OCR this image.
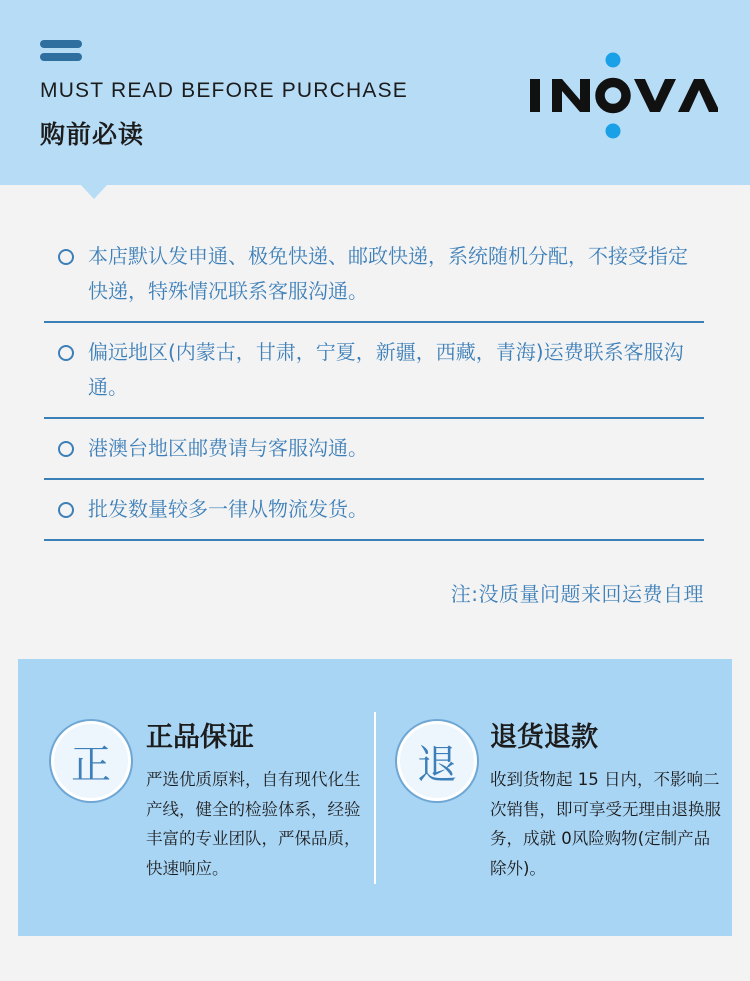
MUST READ BEFORE PURCHASE
购前必读
本店默认发申通、极免快递、邮政快递，系统随机分配，不接受指定快递，特殊情况联系客服沟通。
偏远地区(内蒙古，甘肃，宁夏，新疆，西藏，青海)运费联系客服沟通。
港澳台地区邮费请与客服沟通。
批发数量较多一律从物流发货。
注:没质量问题来回运费自理
正
正品保证
严选优质原料，自有现代化生产线，健全的检验体系，经验丰富的专业团队，严保品质，快速响应。
退
退货退款
收到货物起 15 日内，不影响二次销售，即可享受无理由退换服务，成就 0风险购物(定制产品除外)。
